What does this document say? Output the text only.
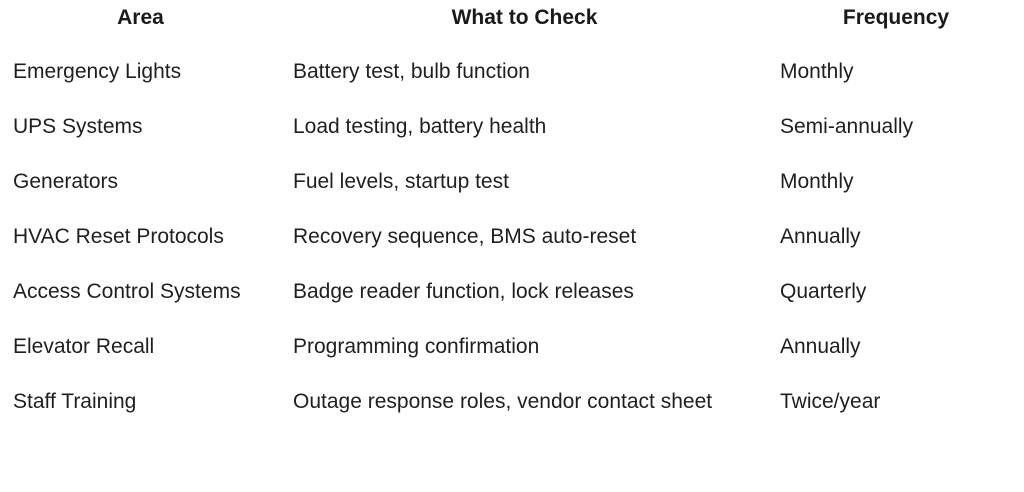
Area	What to Check	Frequency
Emergency Lights	Battery test, bulb function	Monthly
UPS Systems	Load testing, battery health	Semi-annually
Generators	Fuel levels, startup test	Monthly
HVAC Reset Protocols	Recovery sequence, BMS auto-reset	Annually
Access Control Systems	Badge reader function, lock releases	Quarterly
Elevator Recall	Programming confirmation	Annually
Staff Training	Outage response roles, vendor contact sheet	Twice/year
